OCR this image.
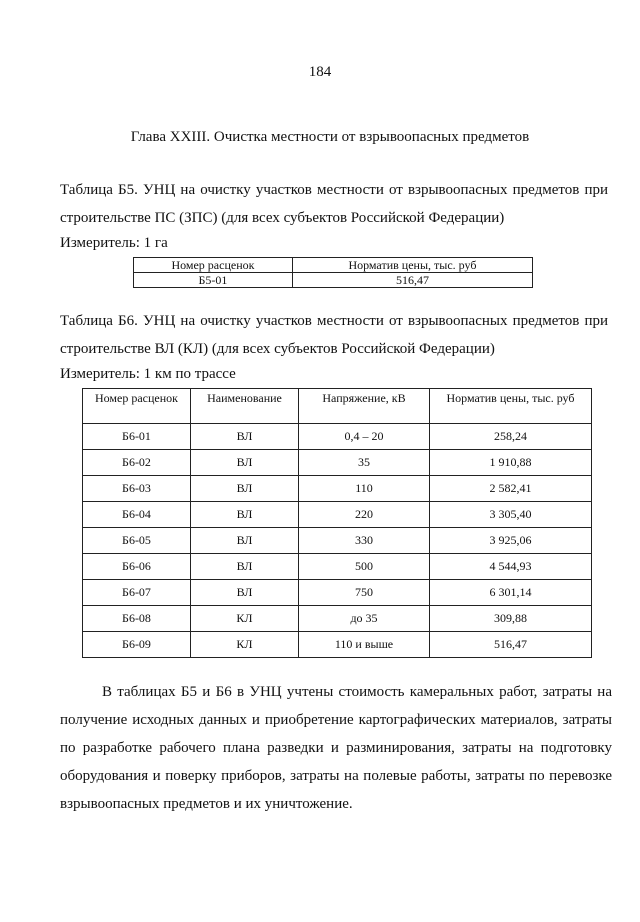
184
Глава XXIII. Очистка местности от взрывоопасных предметов

Таблица Б5. УНЦ на очистку участков местности от взрывоопасных предметов при строительстве ПС (ЗПС) (для всех субъектов Российской Федерации)

Измеритель: 1 га
Номер расценок	Норматив цены, тыс. руб
Б5-01	516,47

Таблица Б6. УНЦ на очистку участков местности от взрывоопасных предметов при строительстве ВЛ (КЛ) (для всех субъектов Российской Федерации)

Измеритель: 1 км по трассе
Номер расценок	Наименование	Напряжение, кВ	Норматив цены, тыс. руб
Б6-01	ВЛ	0,4 – 20	258,24
Б6-02	ВЛ	35	1 910,88
Б6-03	ВЛ	110	2 582,41
Б6-04	ВЛ	220	3 305,40
Б6-05	ВЛ	330	3 925,06
Б6-06	ВЛ	500	4 544,93
Б6-07	ВЛ	750	6 301,14
Б6-08	КЛ	до 35	309,88
Б6-09	КЛ	110 и выше	516,47

В таблицах Б5 и Б6 в УНЦ учтены стоимость камеральных работ, затраты на получение исходных данных и приобретение картографических материалов, затраты по разработке рабочего плана разведки и разминирования, затраты на подготовку оборудования и поверку приборов, затраты на полевые работы, затраты по перевозке взрывоопасных предметов и их уничтожение.
